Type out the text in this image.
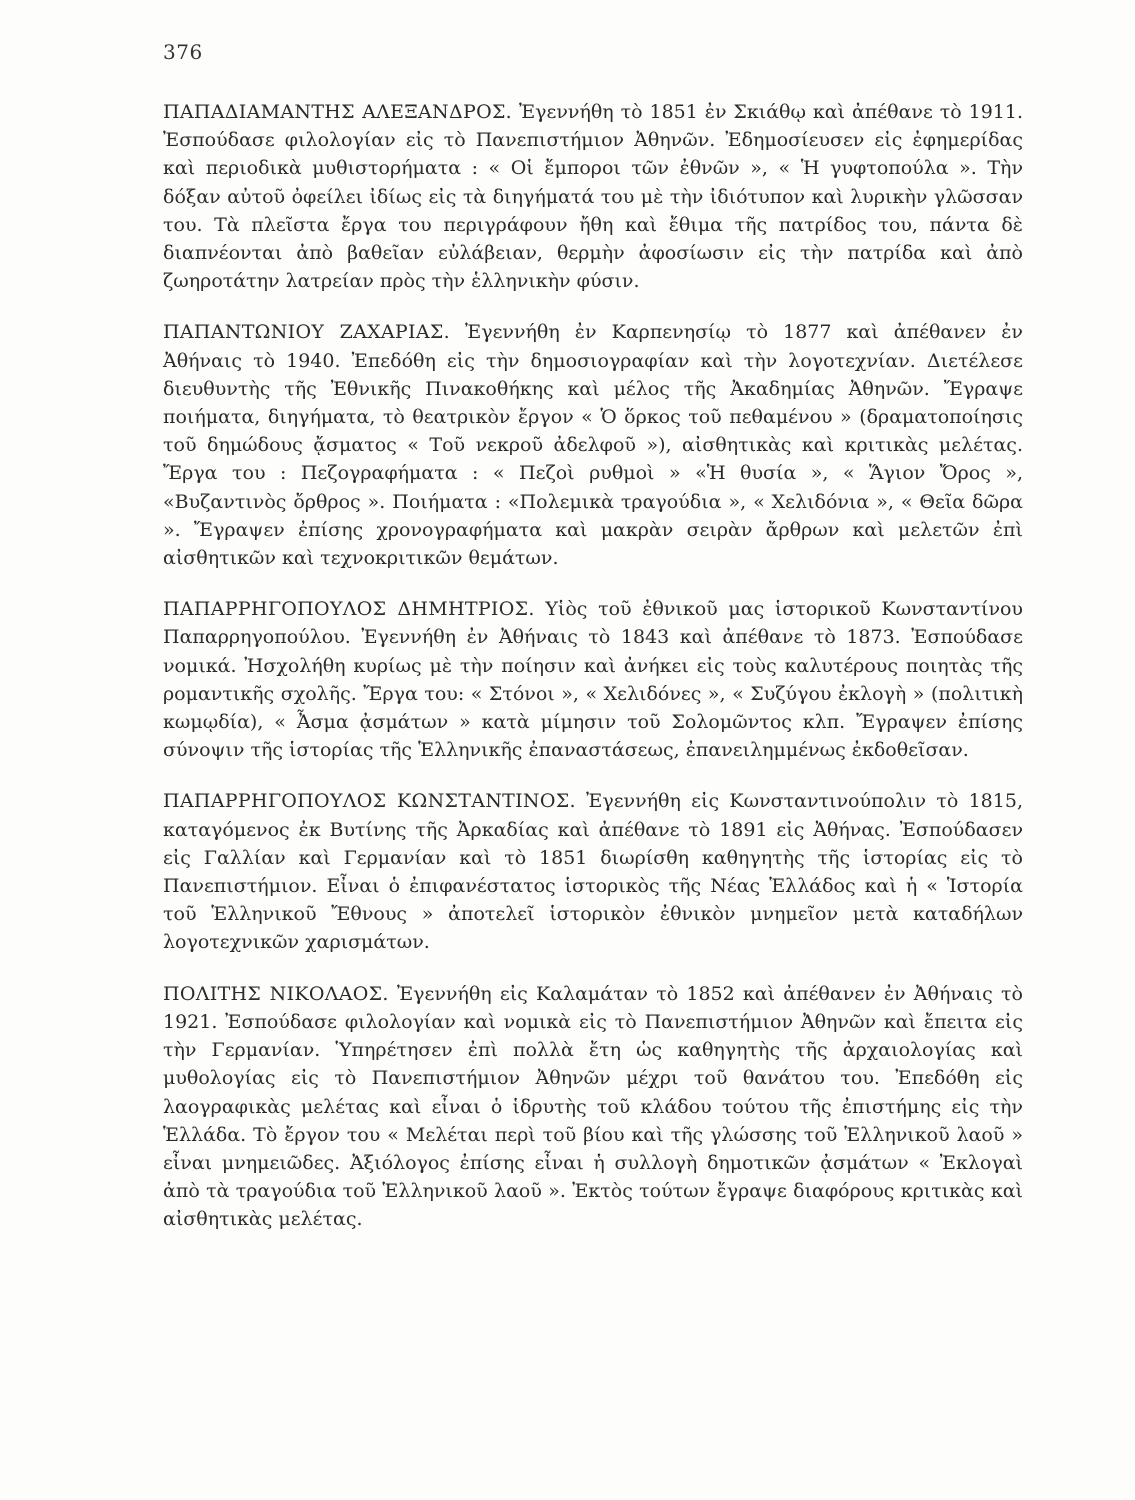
376

ΠΑΠΑΔΙΑΜΑΝΤΗΣ ΑΛΕΞΑΝΔΡΟΣ. Ἐγεννήθη τὸ 1851 ἐν Σκιάθῳ καὶ ἀπέθανε τὸ 1911. Ἐσπούδασε φιλολογίαν εἰς τὸ Πανεπιστήμιον Ἀθηνῶν. Ἐδημοσίευσεν εἰς ἐφημερίδας καὶ περιοδικὰ μυθιστορήματα : « Οἱ ἔμποροι τῶν ἐθνῶν », « Ἡ γυφτοπούλα ». Τὴν δόξαν αὐτοῦ ὀφείλει ἰδίως εἰς τὰ διηγήματά του μὲ τὴν ἰδιότυπον καὶ λυρικὴν γλῶσσαν του. Τὰ πλεῖστα ἔργα του περιγράφουν ἤθη καὶ ἔθιμα τῆς πατρίδος του, πάντα δὲ διαπνέονται ἀπὸ βαθεῖαν εὐλάβειαν, θερμὴν ἀφοσίωσιν εἰς τὴν πατρίδα καὶ ἀπὸ ζωηροτάτην λατρείαν πρὸς τὴν ἑλληνικὴν φύσιν.

ΠΑΠΑΝΤΩΝΙΟΥ ΖΑΧΑΡΙΑΣ. Ἐγεννήθη ἐν Καρπενησίῳ τὸ 1877 καὶ ἀπέθανεν ἐν Ἀθήναις τὸ 1940. Ἐπεδόθη εἰς τὴν δημοσιογραφίαν καὶ τὴν λογοτεχνίαν. Διετέλεσε διευθυντὴς τῆς Ἐθνικῆς Πινακοθήκης καὶ μέλος τῆς Ἀκαδημίας Ἀθηνῶν. Ἔγραψε ποιήματα, διηγήματα, τὸ θεατρικὸν ἔργον « Ὁ ὅρκος τοῦ πεθαμένου » (δραματοποίησις τοῦ δημώδους ᾄσματος « Τοῦ νεκροῦ ἀδελφοῦ »), αἰσθητικὰς καὶ κριτικὰς μελέτας. Ἔργα του : Πεζογραφήματα : « Πεζοὶ ρυθμοὶ » «Ἡ θυσία », « Ἅγιον Ὄρος », «Βυζαντινὸς ὄρθρος ». Ποιήματα : «Πολεμικὰ τραγούδια », « Χελιδόνια », « Θεῖα δῶρα ». Ἔγραψεν ἐπίσης χρονογραφήματα καὶ μακρὰν σειρὰν ἄρθρων καὶ μελετῶν ἐπὶ αἰσθητικῶν καὶ τεχνοκριτικῶν θεμάτων.

ΠΑΠΑΡΡΗΓΟΠΟΥΛΟΣ ΔΗΜΗΤΡΙΟΣ. Υἱὸς τοῦ ἐθνικοῦ μας ἱστορικοῦ Κωνσταντίνου Παπαρρηγοπούλου. Ἐγεννήθη ἐν Ἀθήναις τὸ 1843 καὶ ἀπέθανε τὸ 1873. Ἐσπούδασε νομικά. Ἠσχολήθη κυρίως μὲ τὴν ποίησιν καὶ ἀνήκει εἰς τοὺς καλυτέρους ποιητὰς τῆς ρομαντικῆς σχολῆς. Ἔργα του: « Στόνοι », « Χελιδόνες », « Συζύγου ἐκλογὴ » (πολιτικὴ κωμῳδία), « Ἆσμα ᾀσμάτων » κατὰ μίμησιν τοῦ Σολομῶντος κλπ. Ἔγραψεν ἐπίσης σύνοψιν τῆς ἱστορίας τῆς Ἑλληνικῆς ἐπαναστάσεως, ἐπανειλημμένως ἐκδοθεῖσαν.

ΠΑΠΑΡΡΗΓΟΠΟΥΛΟΣ ΚΩΝΣΤΑΝΤΙΝΟΣ. Ἐγεννήθη εἰς Κωνσταντινούπολιν τὸ 1815, καταγόμενος ἐκ Βυτίνης τῆς Ἀρκαδίας καὶ ἀπέθανε τὸ 1891 εἰς Ἀθήνας. Ἐσπούδασεν εἰς Γαλλίαν καὶ Γερμανίαν καὶ τὸ 1851 διωρίσθη καθηγητὴς τῆς ἱστορίας εἰς τὸ Πανεπιστήμιον. Εἶναι ὁ ἐπιφανέστατος ἱστορικὸς τῆς Νέας Ἑλλάδος καὶ ἡ « Ἱστορία τοῦ Ἑλληνικοῦ Ἔθνους » ἀποτελεῖ ἱστορικὸν ἐθνικὸν μνημεῖον μετὰ καταδήλων λογοτεχνικῶν χαρισμάτων.

ΠΟΛΙΤΗΣ ΝΙΚΟΛΑΟΣ. Ἐγεννήθη εἰς Καλαμάταν τὸ 1852 καὶ ἀπέθανεν ἐν Ἀθήναις τὸ 1921. Ἐσπούδασε φιλολογίαν καὶ νομικὰ εἰς τὸ Πανεπιστήμιον Ἀθηνῶν καὶ ἔπειτα εἰς τὴν Γερμανίαν. Ὑπηρέτησεν ἐπὶ πολλὰ ἔτη ὡς καθηγητὴς τῆς ἀρχαιολογίας καὶ μυθολογίας εἰς τὸ Πανεπιστήμιον Ἀθηνῶν μέχρι τοῦ θανάτου του. Ἐπεδόθη εἰς λαογραφικὰς μελέτας καὶ εἶναι ὁ ἱδρυτὴς τοῦ κλάδου τούτου τῆς ἐπιστήμης εἰς τὴν Ἑλλάδα. Τὸ ἔργον του « Μελέται περὶ τοῦ βίου καὶ τῆς γλώσσης τοῦ Ἑλληνικοῦ λαοῦ » εἶναι μνημειῶδες. Ἀξιόλογος ἐπίσης εἶναι ἡ συλλογὴ δημοτικῶν ᾀσμάτων « Ἐκλογαὶ ἀπὸ τὰ τραγούδια τοῦ Ἑλληνικοῦ λαοῦ ». Ἐκτὸς τούτων ἔγραψε διαφόρους κριτικὰς καὶ αἰσθητικὰς μελέτας.
